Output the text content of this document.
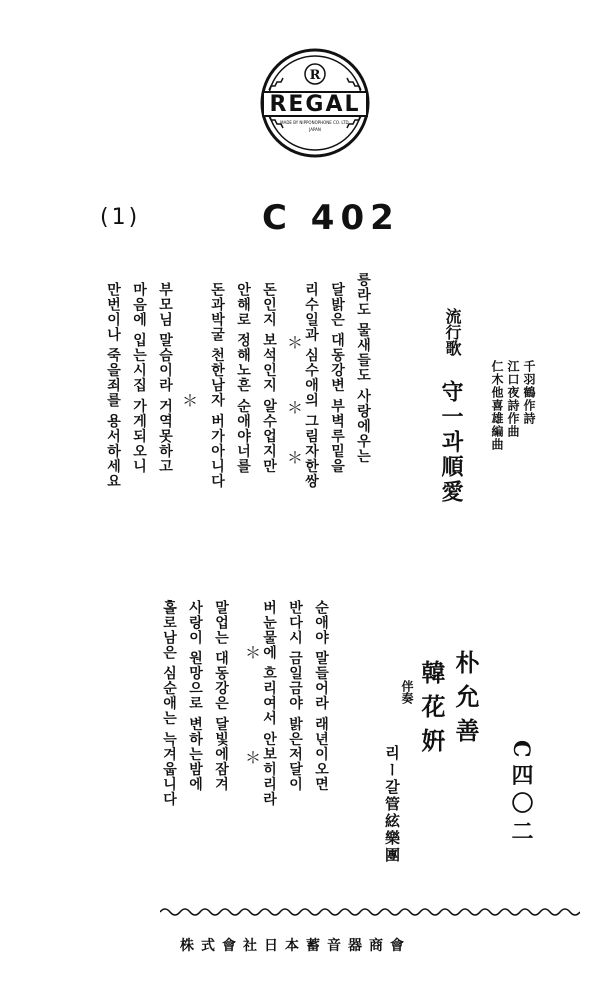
R
REGAL
MADE BY NIPPONOPHONE CO. LTD.
JAPAN
(1)	C 402
릉라도 물새들도 사랑에우는
달밝은 대동강변 부벽루밑을
리수일과 심수애의 그림자한쌍
＊
＊
＊
돈인지 보석인지 알수업지만
안해로 정해노흔 순애야너를
돈과박굴 천한남자 버가아니다
＊
부모님 말슴이라 거역못하고
마음에 입는시집 가게되오니
만번이나 죽을죄를 용서하세요	千羽鶴作詩
江口夜詩作曲
仁木他喜雄編曲
流行歌
守一과順愛
순애야 말들어라 래년이오면
반다시 금일금야 밝은저달이
버눈물에 흐리여서 안보히리라
＊
＊
말업는 대동강은 달빛에잠겨
사랑이 원망으로 변하는밤에
홀로남은 심순애는 늑겨웁니다	朴允善
韓花姸
伴奏
리ー갈管絃樂團	C四〇二
株式會社日本蓄音器商會
